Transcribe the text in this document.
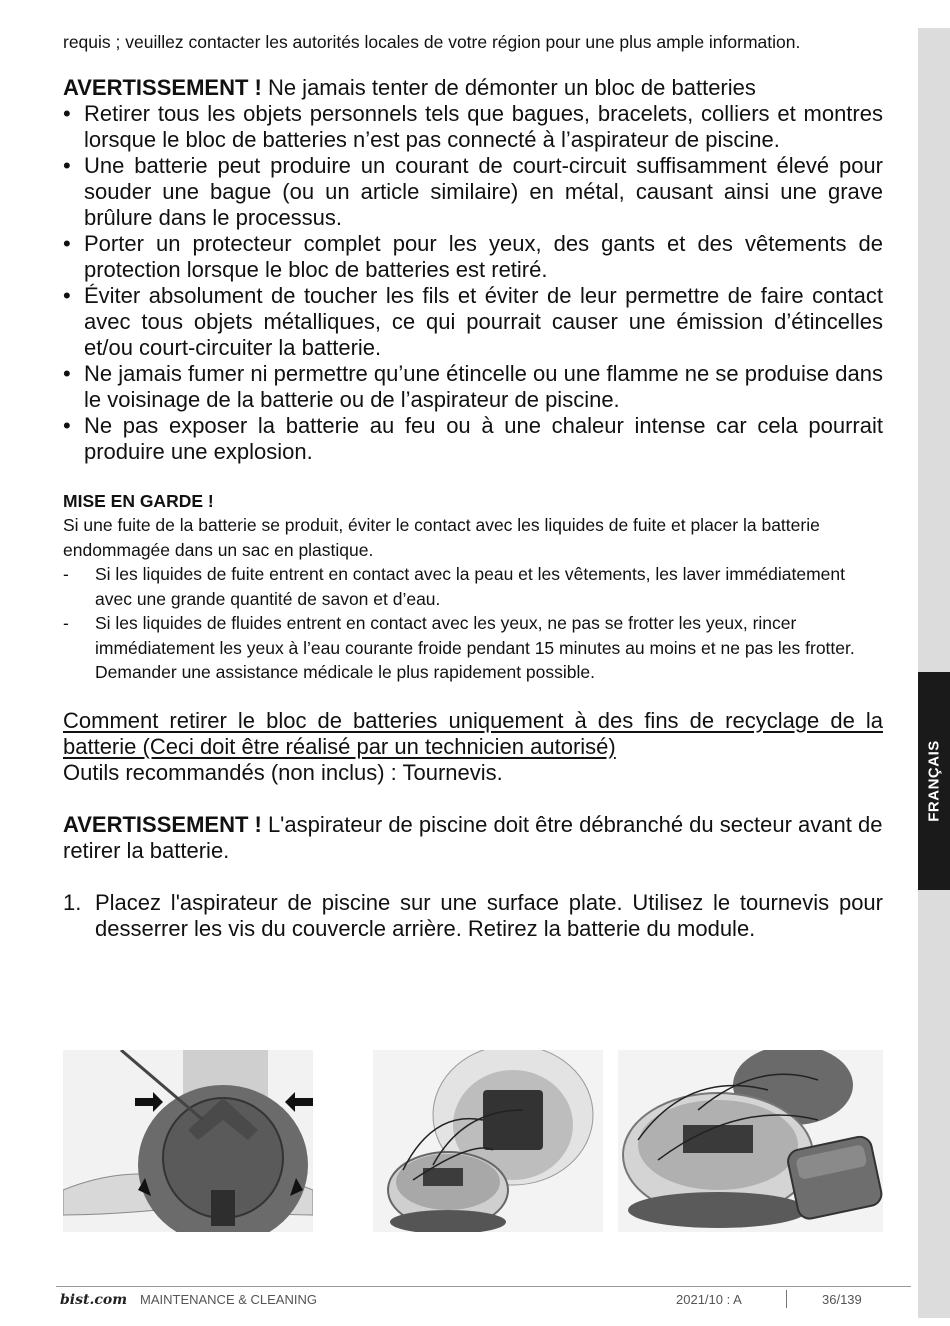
FRANÇAIS

requis ; veuillez contacter les autorités locales de votre région pour une plus ample information.

AVERTISSEMENT ! Ne jamais tenter de démonter un bloc de batteries
• Retirer tous les objets personnels tels que bagues, bracelets, colliers et montres lorsque le bloc de batteries n’est pas connecté à l’aspirateur de piscine.
• Une batterie peut produire un courant de court-circuit suffisamment élevé pour souder une bague (ou un article similaire) en métal, causant ainsi une grave brûlure dans le processus.
• Porter un protecteur complet pour les yeux, des gants et des vêtements de protection lorsque le bloc de batteries est retiré.
• Éviter absolument de toucher les fils et éviter de leur permettre de faire contact avec tous objets métalliques, ce qui pourrait causer une émission d’étincelles et/ou court-circuiter la batterie.
• Ne jamais fumer ni permettre qu’une étincelle ou une flamme ne se produise dans le voisinage de la batterie ou de l’aspirateur de piscine.
• Ne pas exposer la batterie au feu ou à une chaleur intense car cela pourrait produire une explosion.
MISE EN GARDE !
Si une fuite de la batterie se produit, éviter le contact avec les liquides de fuite et placer la batterie endommagée dans un sac en plastique.
- Si les liquides de fuite entrent en contact avec la peau et les vêtements, les laver immédiatement avec une grande quantité de savon et d’eau.
- Si les liquides de fluides entrent en contact avec les yeux, ne pas se frotter les yeux, rincer immédiatement les yeux à l’eau courante froide pendant 15 minutes au moins et ne pas les frotter. Demander une assistance médicale le plus rapidement possible.
Comment retirer le bloc de batteries uniquement à des fins de recyclage de la batterie (Ceci doit être réalisé par un technicien autorisé)
Outils recommandés (non inclus) : Tournevis.
AVERTISSEMENT ! L'aspirateur de piscine doit être débranché du secteur avant de retirer la batterie.
1. Placez l'aspirateur de piscine sur une surface plate. Utilisez le tournevis pour desserrer les vis du couvercle arrière. Retirez la batterie du module.
bist.com MAINTENANCE & CLEANING	2021/10 : A	36/139
